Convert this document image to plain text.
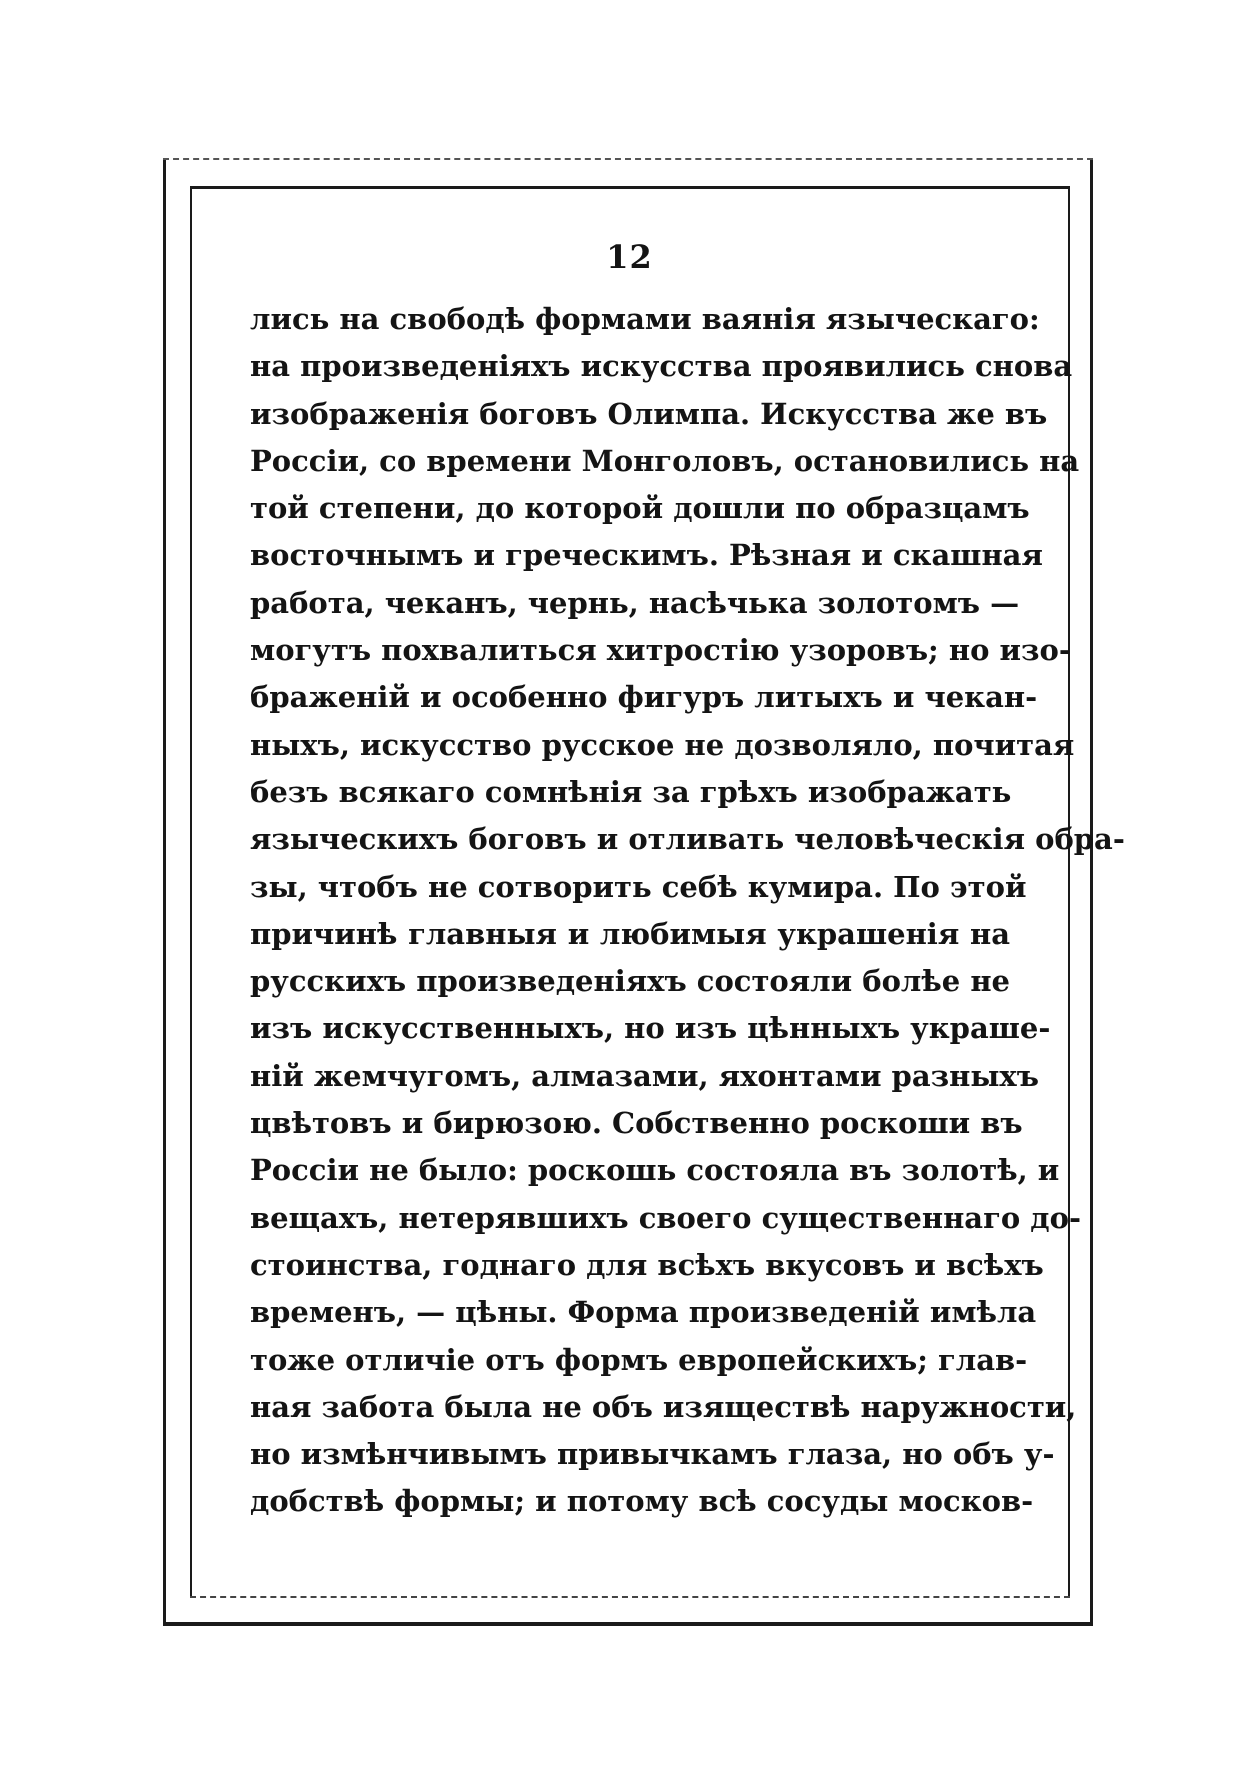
12
лись на свободѣ формами ваянія языческаго:
на произведеніяхъ искусства проявились снова
изображенія боговъ Олимпа. Искусства же въ
Россіи, со времени Монголовъ, остановились на
той степени, до которой дошли по образцамъ
восточнымъ и греческимъ. Рѣзная и скашная
работа, чеканъ, чернь, насѣчька золотомъ —
могутъ похвалиться хитростію узоровъ; но изо-
браженій и особенно фигуръ литыхъ и чекан-
ныхъ, искусство русское не дозволяло, почитая
безъ всякаго сомнѣнія за грѣхъ изображать
языческихъ боговъ и отливать человѣческія обра-
зы, чтобъ не сотворить себѣ кумира. По этой
причинѣ главныя и любимыя украшенія на
русскихъ произведеніяхъ состояли болѣе не
изъ искусственныхъ, но изъ цѣнныхъ украше-
ній жемчугомъ, алмазами, яхонтами разныхъ
цвѣтовъ и бирюзою. Собственно роскоши въ
Россіи не было: роскошь состояла въ золотѣ, и
вещахъ, нетерявшихъ своего существеннаго до-
стоинства, годнаго для всѣхъ вкусовъ и всѣхъ
временъ, — цѣны. Форма произведеній имѣла
тоже отличіе отъ формъ европейскихъ; глав-
ная забота была не объ изяществѣ наружности,
но измѣнчивымъ привычкамъ глаза, но объ у-
добствѣ формы; и потому всѣ сосуды москов-
